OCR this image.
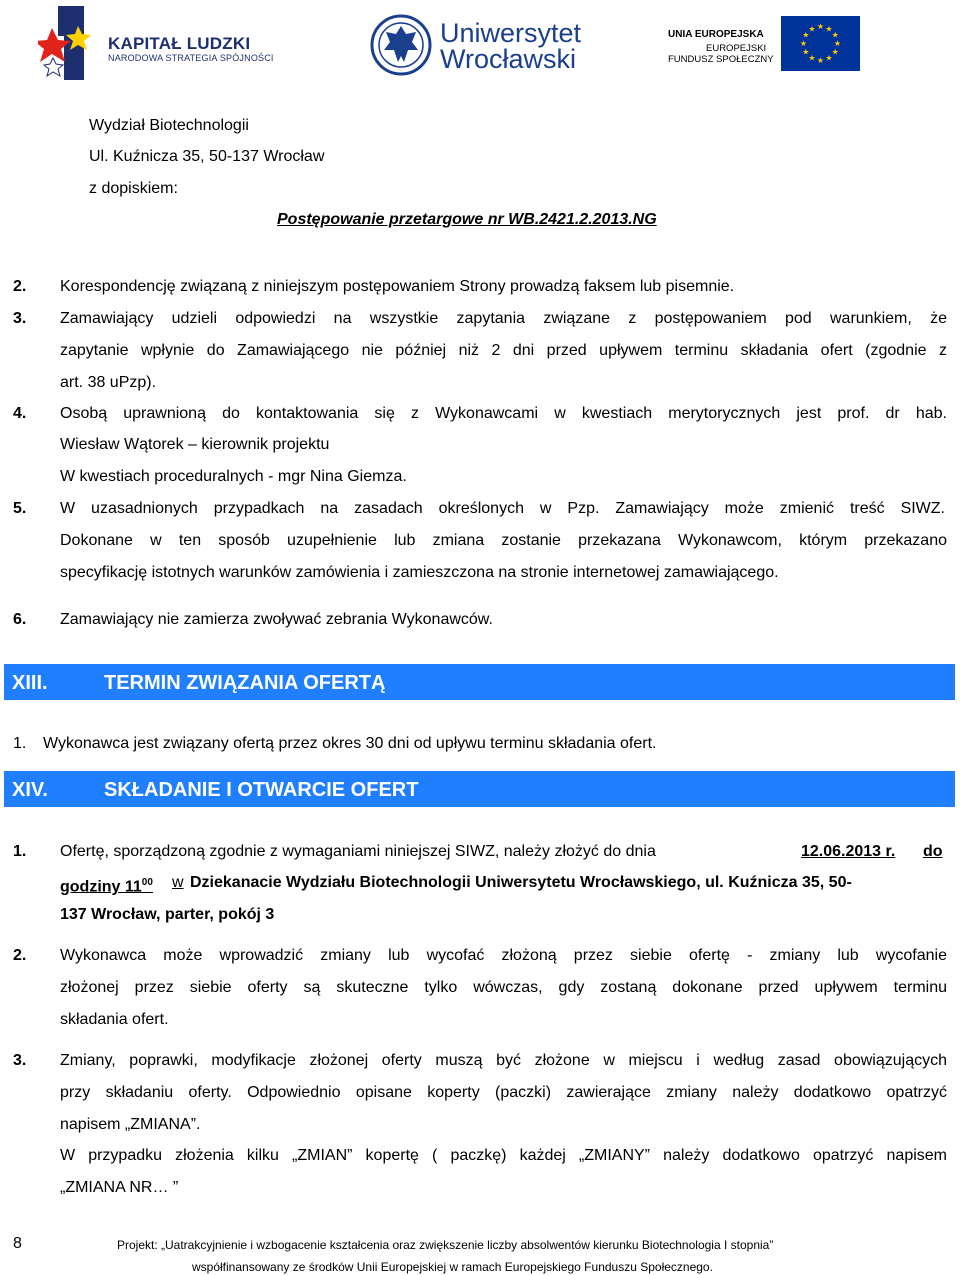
KAPITAŁ LUDZKI
NARODOWA STRATEGIA SPÓJNOŚCI
Uniwersytet
Wrocławski
UNIA EUROPEJSKA
EUROPEJSKI
FUNDUSZ SPOŁECZNY
★ ★
★
★
★
★
★
★
★
★
★
★
Wydział Biotechnologii
Ul. Kuźnicza 35, 50-137 Wrocław
z dopiskiem:
Postępowanie przetargowe nr WB.2421.2.2013.NG
2. Korespondencję związaną z niniejszym postępowaniem Strony prowadzą faksem lub pisemnie.
3. Zamawiający udzieli odpowiedzi na wszystkie zapytania związane z postępowaniem pod warunkiem, że
zapytanie wpłynie do Zamawiającego nie później niż 2 dni przed upływem terminu składania ofert (zgodnie z
art. 38 uPzp).
4. Osobą uprawnioną do kontaktowania się z Wykonawcami w kwestiach merytorycznych jest prof. dr hab.
Wiesław Wątorek – kierownik projektu
W kwestiach proceduralnych - mgr Nina Giemza.
5. W uzasadnionych przypadkach na zasadach określonych w Pzp. Zamawiający może zmienić treść SIWZ.
Dokonane w ten sposób uzupełnienie lub zmiana zostanie przekazana Wykonawcom, którym przekazano
specyfikację istotnych warunków zamówienia i zamieszczona na stronie internetowej zamawiającego.
6. Zamawiający nie zamierza zwoływać zebrania Wykonawców.
XIII.	TERMIN ZWIĄZANIA OFERTĄ
1. Wykonawca jest związany ofertą przez okres 30 dni od upływu terminu składania ofert.
XIV.	SKŁADANIE I OTWARCIE OFERT
1. Ofertę, sporządzoną zgodnie z wymaganiami niniejszej SIWZ, należy złożyć do dnia	12.06.2013 r. do
godziny $11^{00}$ w Dziekanacie Wydziału Biotechnologii Uniwersytetu Wrocławskiego, ul. Kuźnicza 35, 50-
137 Wrocław, parter, pokój 3
2. Wykonawca może wprowadzić zmiany lub wycofać złożoną przez siebie ofertę - zmiany lub wycofanie
złożonej przez siebie oferty są skuteczne tylko wówczas, gdy zostaną dokonane przed upływem terminu
składania ofert.
3. Zmiany, poprawki, modyfikacje złożonej oferty muszą być złożone w miejscu i według zasad obowiązujących
przy składaniu oferty. Odpowiednio opisane koperty (paczki) zawierające zmiany należy dodatkowo opatrzyć
napisem „ZMIANA”.
W przypadku złożenia kilku „ZMIAN” kopertę ( paczkę) każdej „ZMIANY” należy dodatkowo opatrzyć napisem
„ZMIANA NR… ”
8	Projekt: „Uatrakcyjnienie i wzbogacenie kształcenia oraz zwiększenie liczby absolwentów kierunku Biotechnologia I stopnia”
współfinansowany ze środków Unii Europejskiej w ramach Europejskiego Funduszu Społecznego.
